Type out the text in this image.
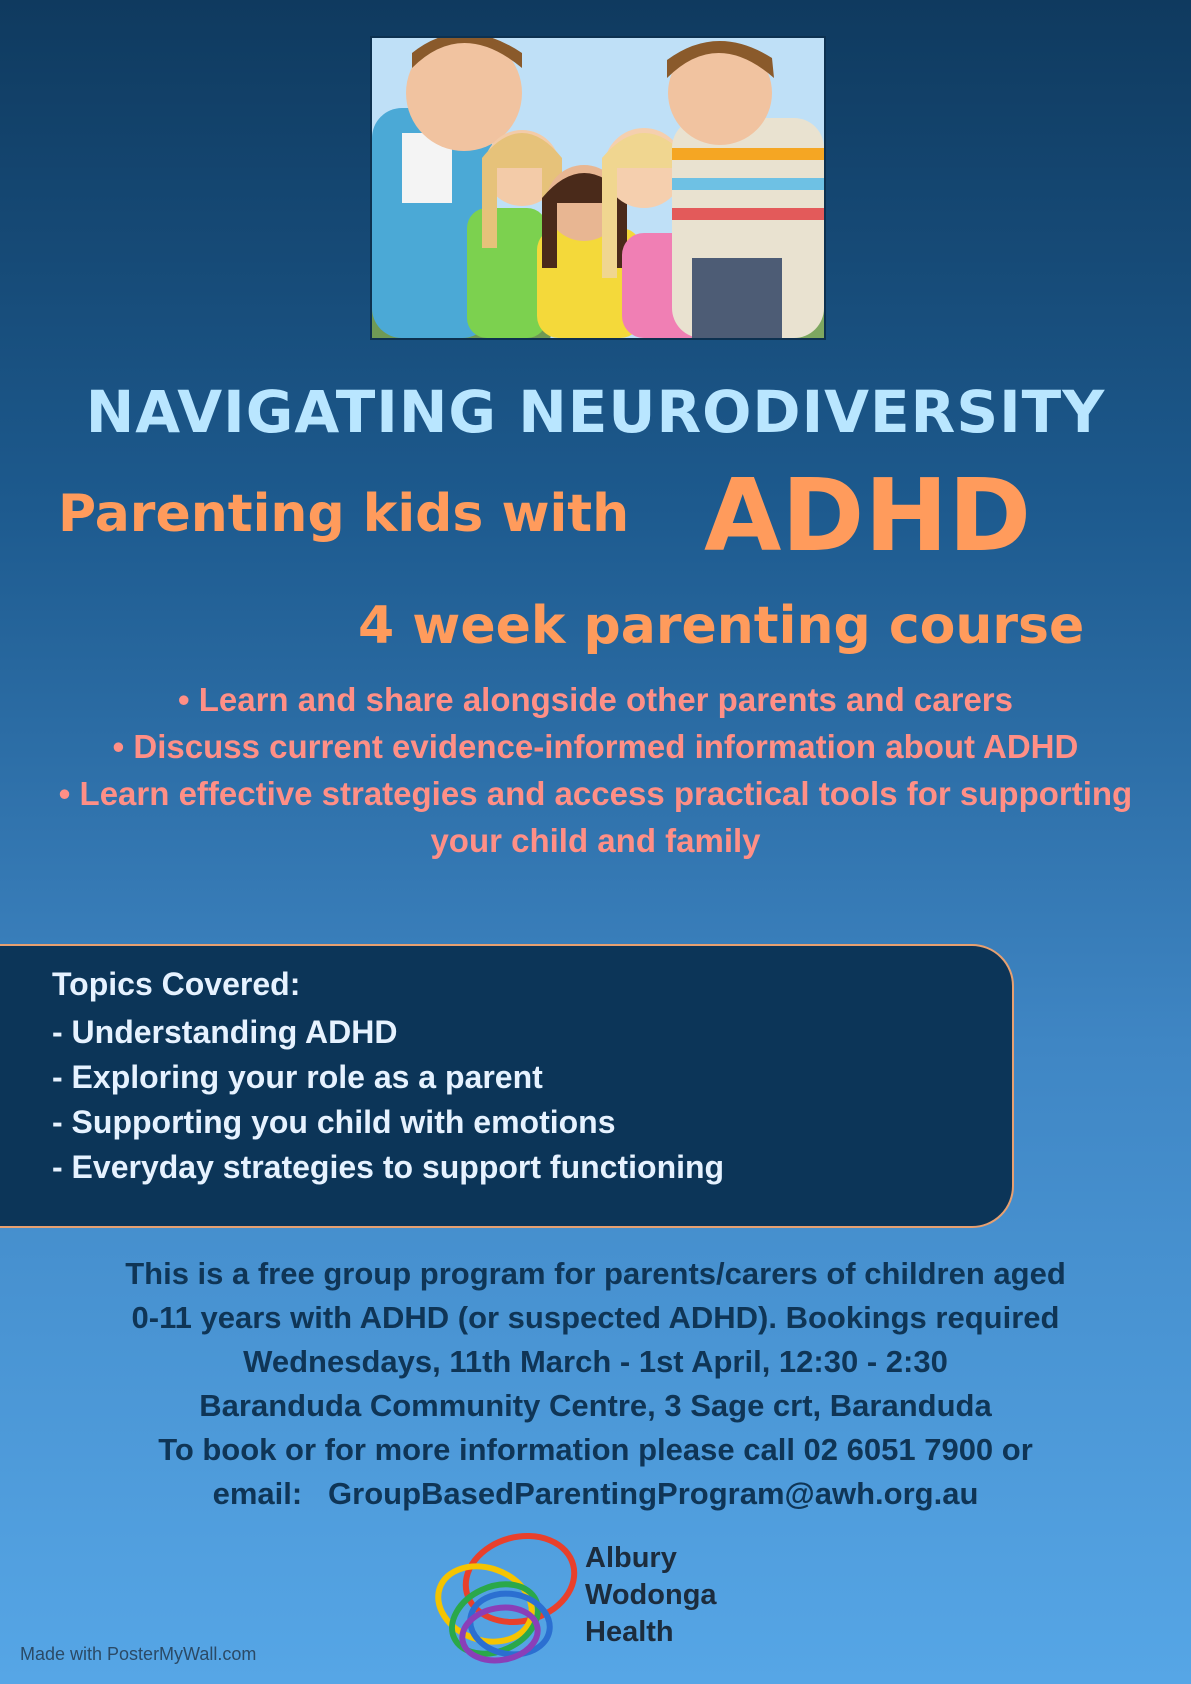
NAVIGATING NEURODIVERSITY
Parenting kids with ADHD
4 week parenting course
• Learn and share alongside other parents and carers
• Discuss current evidence-informed information about ADHD
• Learn effective strategies and access practical tools for supporting your child and family
Topics Covered:
- Understanding ADHD
- Exploring your role as a parent
- Supporting you child with emotions
- Everyday strategies to support functioning
This is a free group program for parents/carers of children aged
0-11 years with ADHD (or suspected ADHD). Bookings required
Wednesdays, 11th March - 1st April, 12:30 - 2:30
Baranduda Community Centre, 3 Sage crt, Baranduda
To book or for more information please call 02 6051 7900 or
email: GroupBasedParentingProgram@awh.org.au
Albury
Wodonga
Health
Made with PosterMyWall.com
